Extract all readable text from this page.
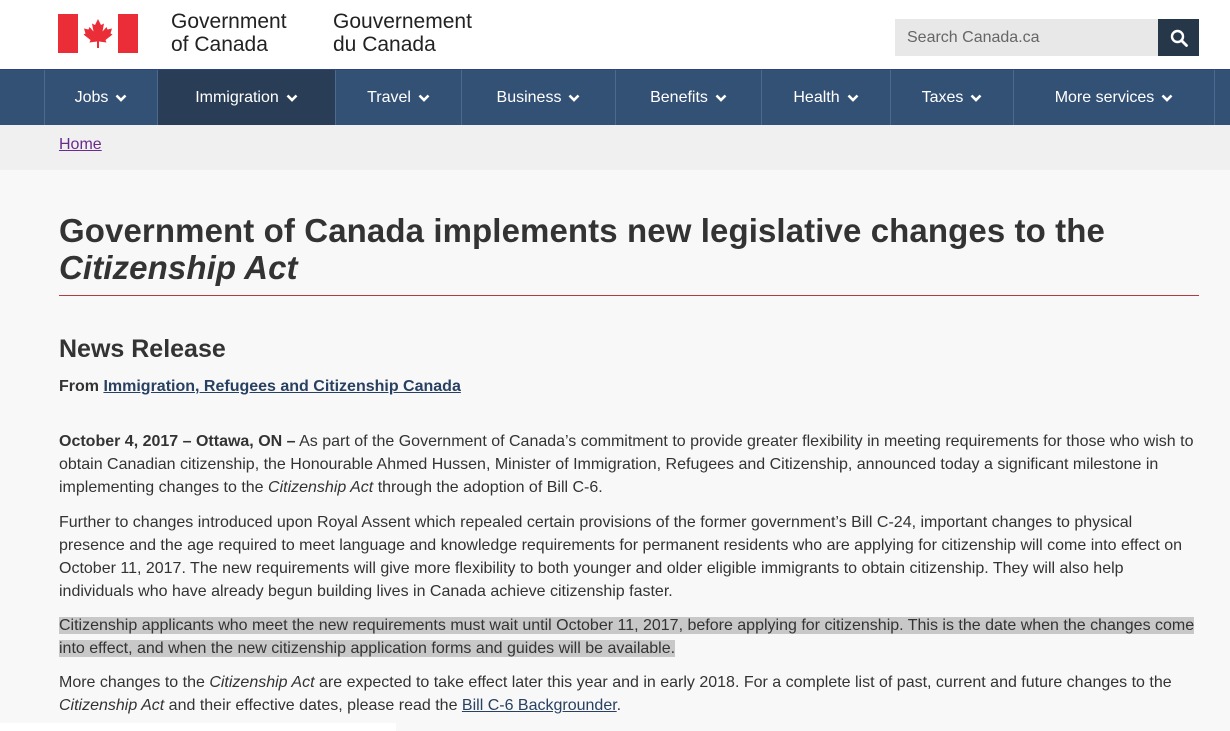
Government
of Canada
Gouvernement
du Canada
Search Canada.ca
Jobs	Immigration	Travel	Business	Benefits	Health	Taxes	More services
Home
Government of Canada implements new legislative changes to the
Citizenship Act
News Release
From Immigration, Refugees and Citizenship Canada

October 4, 2017 – Ottawa, ON – As part of the Government of Canada’s commitment to provide greater flexibility in meeting requirements for those who wish to obtain Canadian citizenship, the Honourable Ahmed Hussen, Minister of Immigration, Refugees and Citizenship, announced today a significant milestone in implementing changes to the Citizenship Act through the adoption of Bill C-6.

Further to changes introduced upon Royal Assent which repealed certain provisions of the former government’s Bill C-24, important changes to physical presence and the age required to meet language and knowledge requirements for permanent residents who are applying for citizenship will come into effect on October 11, 2017. The new requirements will give more flexibility to both younger and older eligible immigrants to obtain citizenship. They will also help individuals who have already begun building lives in Canada achieve citizenship faster.

Citizenship applicants who meet the new requirements must wait until October 11, 2017, before applying for citizenship. This is the date when the changes come into effect, and when the new citizenship application forms and guides will be available.

More changes to the Citizenship Act are expected to take effect later this year and in early 2018. For a complete list of past, current and future changes to the Citizenship Act and their effective dates, please read the Bill C-6 Backgrounder.
